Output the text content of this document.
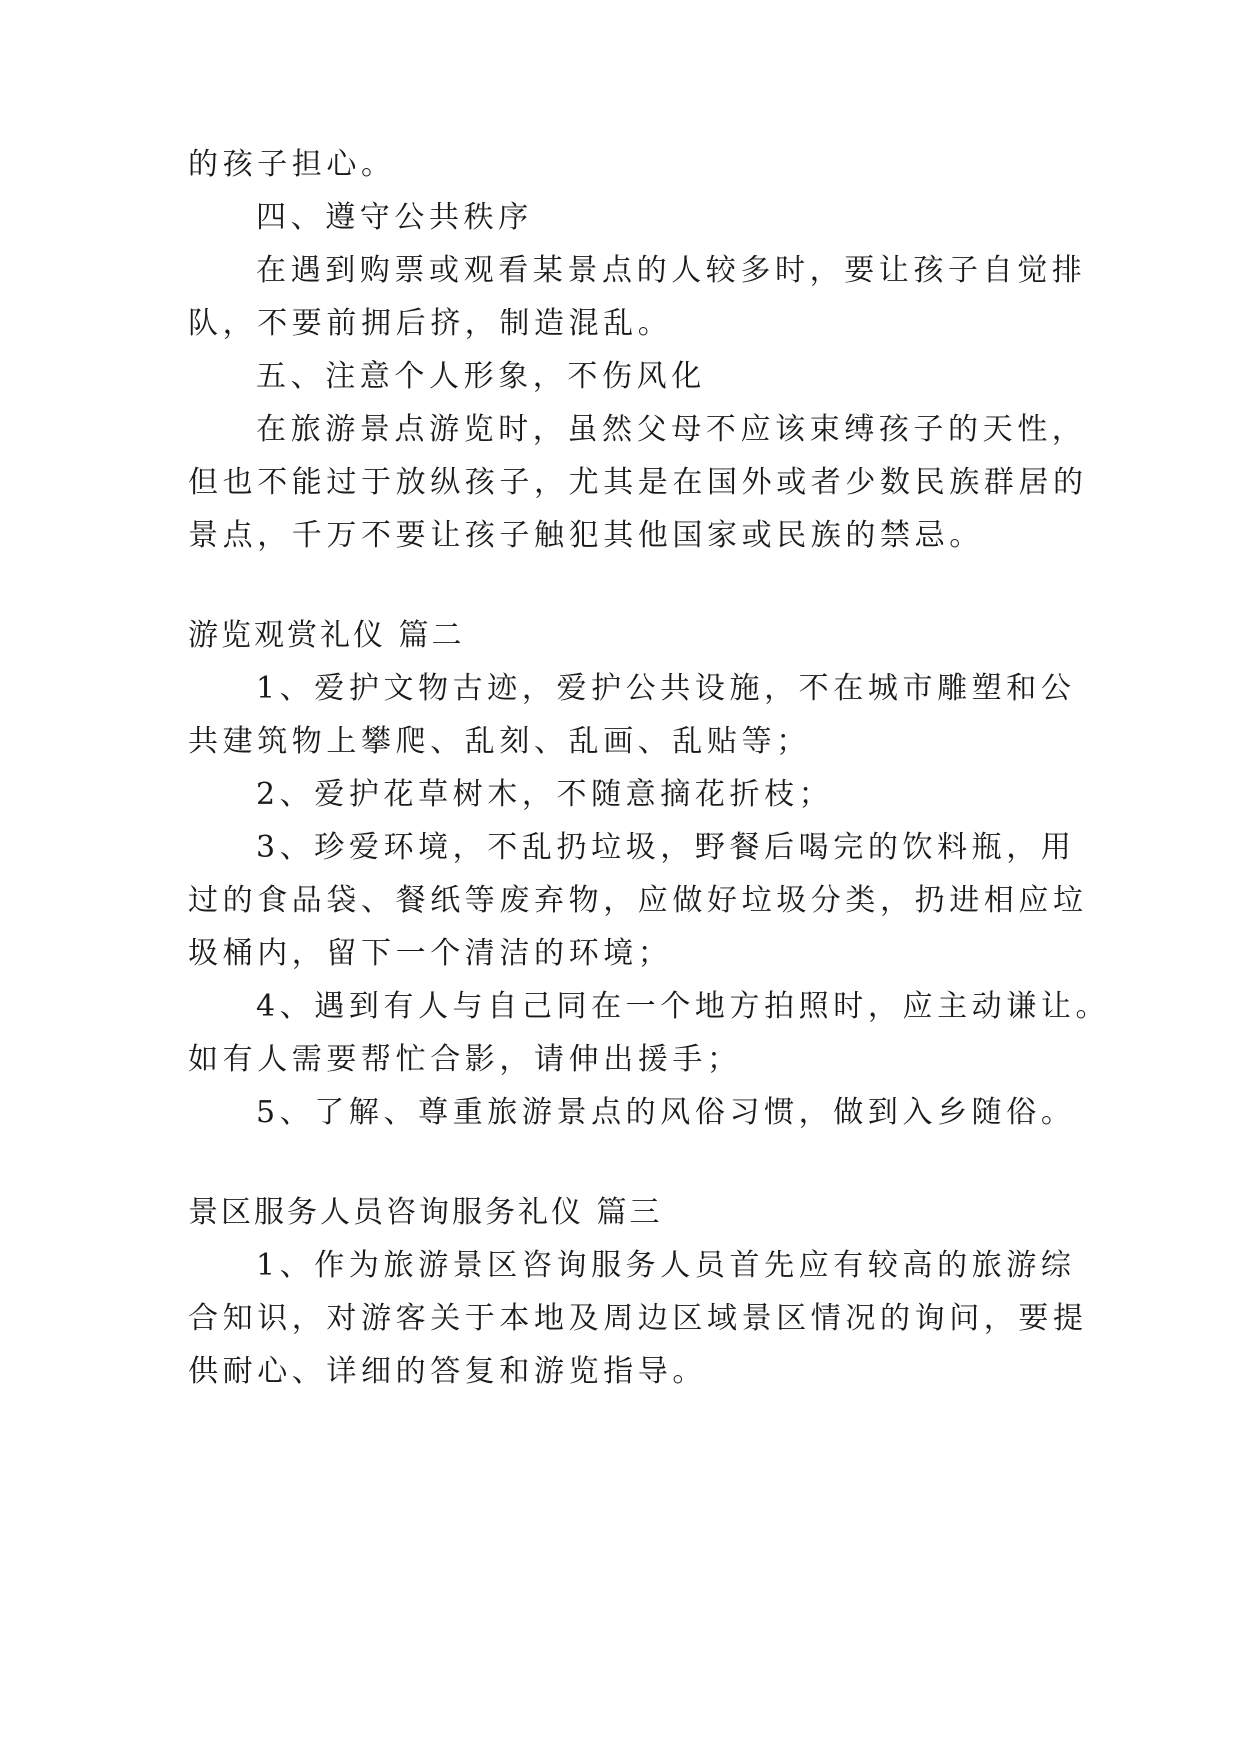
的孩子担心。
四、遵守公共秩序
在遇到购票或观看某景点的人较多时，要让孩子自觉排
队，不要前拥后挤，制造混乱。
五、注意个人形象，不伤风化
在旅游景点游览时，虽然父母不应该束缚孩子的天性，
但也不能过于放纵孩子，尤其是在国外或者少数民族群居的
景点，千万不要让孩子触犯其他国家或民族的禁忌。
游览观赏礼仪 篇二
1、爱护文物古迹，爱护公共设施，不在城市雕塑和公
共建筑物上攀爬、乱刻、乱画、乱贴等；
2、爱护花草树木，不随意摘花折枝；
3、珍爱环境，不乱扔垃圾，野餐后喝完的饮料瓶，用
过的食品袋、餐纸等废弃物，应做好垃圾分类，扔进相应垃
圾桶内，留下一个清洁的环境；
4、遇到有人与自己同在一个地方拍照时，应主动谦让。
如有人需要帮忙合影，请伸出援手；
5、了解、尊重旅游景点的风俗习惯，做到入乡随俗。
景区服务人员咨询服务礼仪 篇三
1、作为旅游景区咨询服务人员首先应有较高的旅游综
合知识，对游客关于本地及周边区域景区情况的询问，要提
供耐心、详细的答复和游览指导。
